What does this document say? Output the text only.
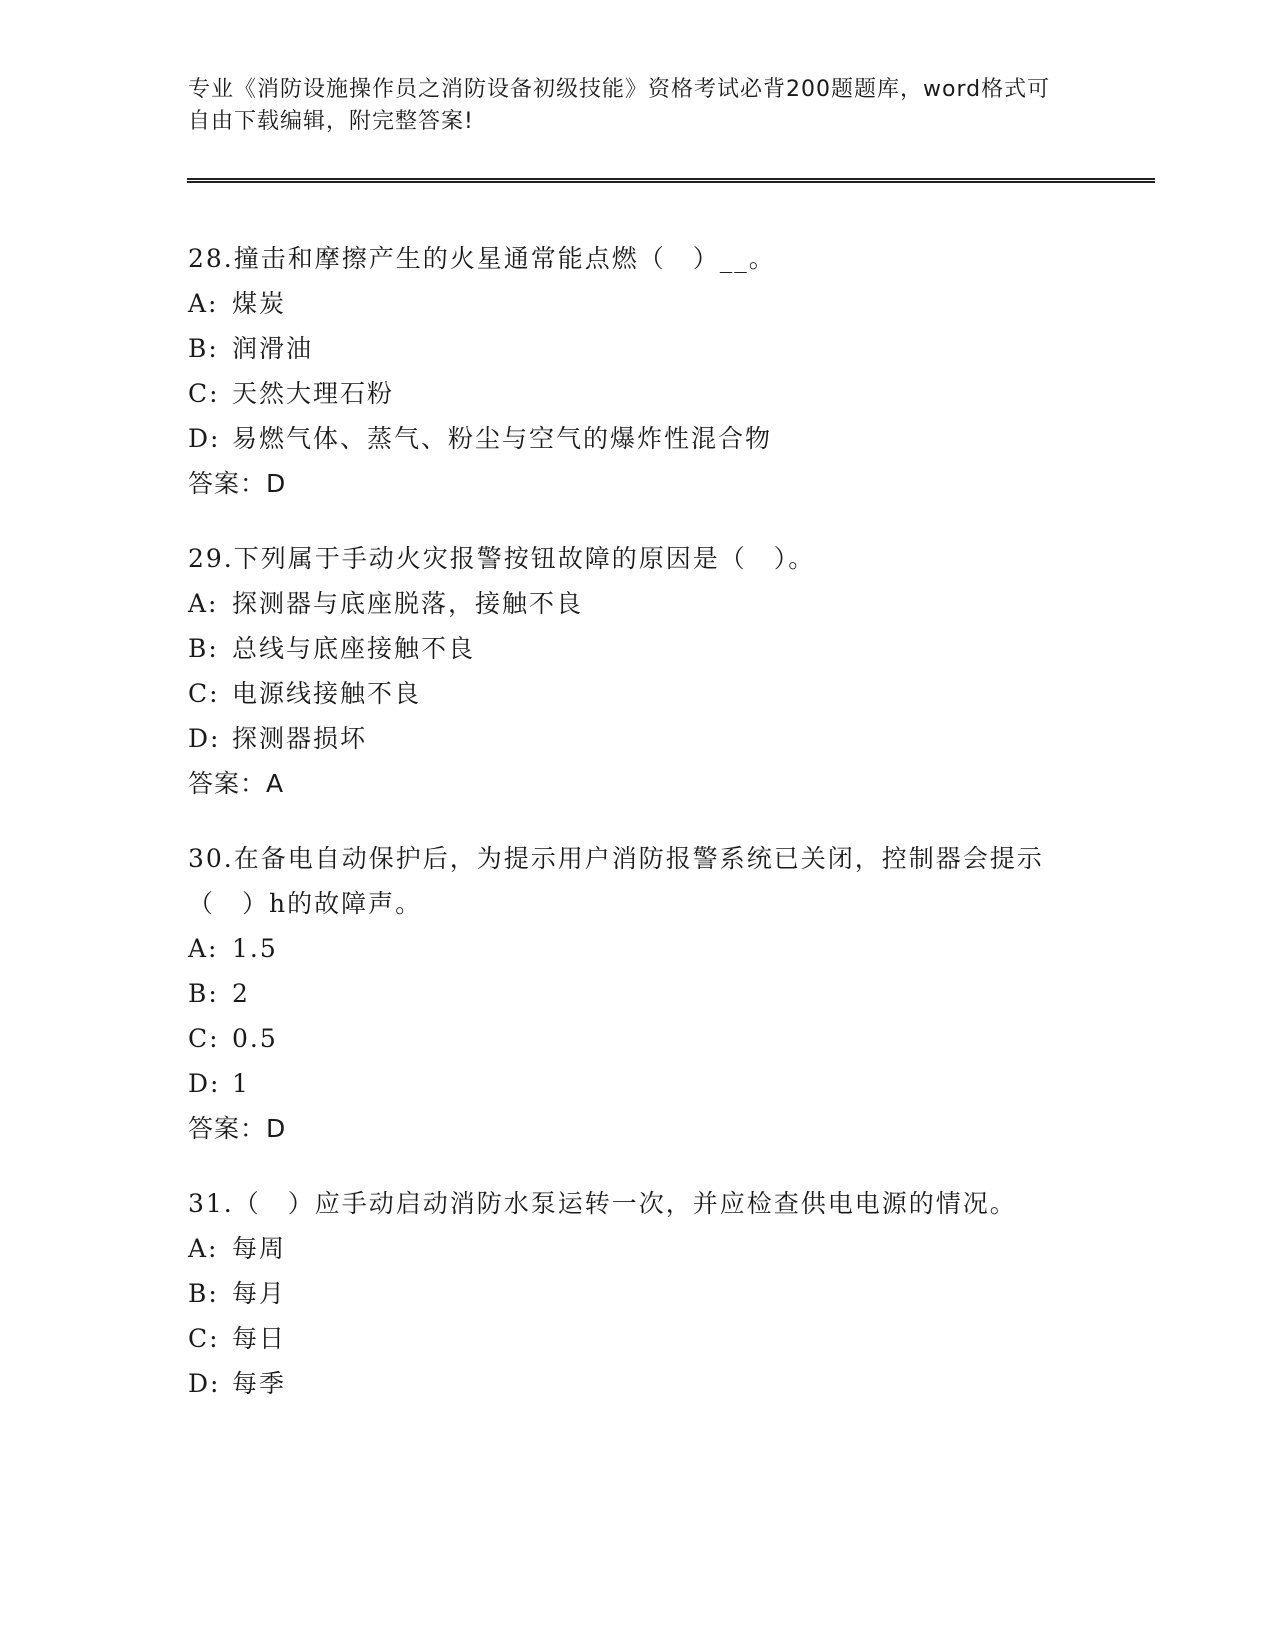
专业《消防设施操作员之消防设备初级技能》资格考试必背200题题库，word格式可自由下载编辑，附完整答案!

28.撞击和摩擦产生的火星通常能点燃（　）__。

A: 煤炭

B: 润滑油

C: 天然大理石粉

D: 易燃气体、蒸气、粉尘与空气的爆炸性混合物

答案：D

29.下列属于手动火灾报警按钮故障的原因是（　）。

A: 探测器与底座脱落，接触不良

B: 总线与底座接触不良

C: 电源线接触不良

D: 探测器损坏

答案：A

30.在备电自动保护后，为提示用户消防报警系统已关闭，控制器会提示（　）h的故障声。

A: 1.5

B: 2

C: 0.5

D: 1

答案：D

31.（　）应手动启动消防水泵运转一次，并应检查供电电源的情况。

A: 每周

B: 每月

C: 每日

D: 每季
